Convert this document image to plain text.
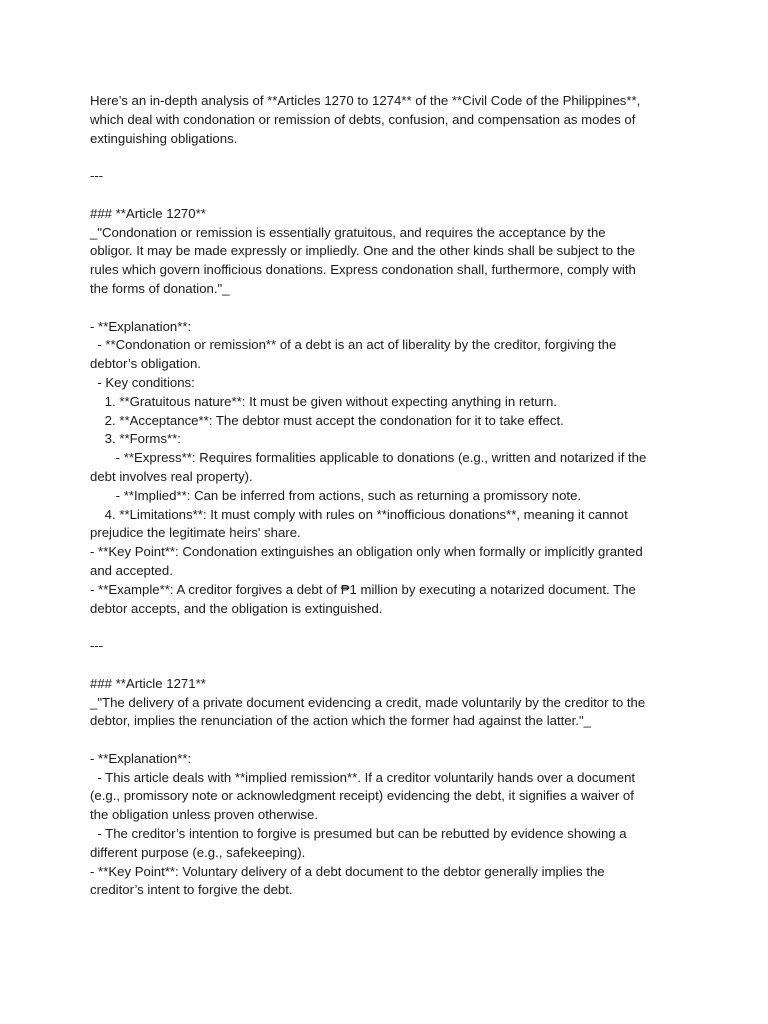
Here’s an in-depth analysis of **Articles 1270 to 1274** of the **Civil Code of the Philippines**,
which deal with condonation or remission of debts, confusion, and compensation as modes of
extinguishing obligations.
---
### **Article 1270**
_"Condonation or remission is essentially gratuitous, and requires the acceptance by the
obligor. It may be made expressly or impliedly. One and the other kinds shall be subject to the
rules which govern inofficious donations. Express condonation shall, furthermore, comply with
the forms of donation."_
- **Explanation**:
- **Condonation or remission** of a debt is an act of liberality by the creditor, forgiving the
debtor’s obligation.
- Key conditions:
1. **Gratuitous nature**: It must be given without expecting anything in return.
2. **Acceptance**: The debtor must accept the condonation for it to take effect.
3. **Forms**:
- **Express**: Requires formalities applicable to donations (e.g., written and notarized if the
debt involves real property).
- **Implied**: Can be inferred from actions, such as returning a promissory note.
4. **Limitations**: It must comply with rules on **inofficious donations**, meaning it cannot
prejudice the legitimate heirs' share.
- **Key Point**: Condonation extinguishes an obligation only when formally or implicitly granted
and accepted.
- **Example**: A creditor forgives a debt of ₱1 million by executing a notarized document. The
debtor accepts, and the obligation is extinguished.
---
### **Article 1271**
_"The delivery of a private document evidencing a credit, made voluntarily by the creditor to the
debtor, implies the renunciation of the action which the former had against the latter."_
- **Explanation**:
- This article deals with **implied remission**. If a creditor voluntarily hands over a document
(e.g., promissory note or acknowledgment receipt) evidencing the debt, it signifies a waiver of
the obligation unless proven otherwise.
- The creditor’s intention to forgive is presumed but can be rebutted by evidence showing a
different purpose (e.g., safekeeping).
- **Key Point**: Voluntary delivery of a debt document to the debtor generally implies the
creditor’s intent to forgive the debt.
